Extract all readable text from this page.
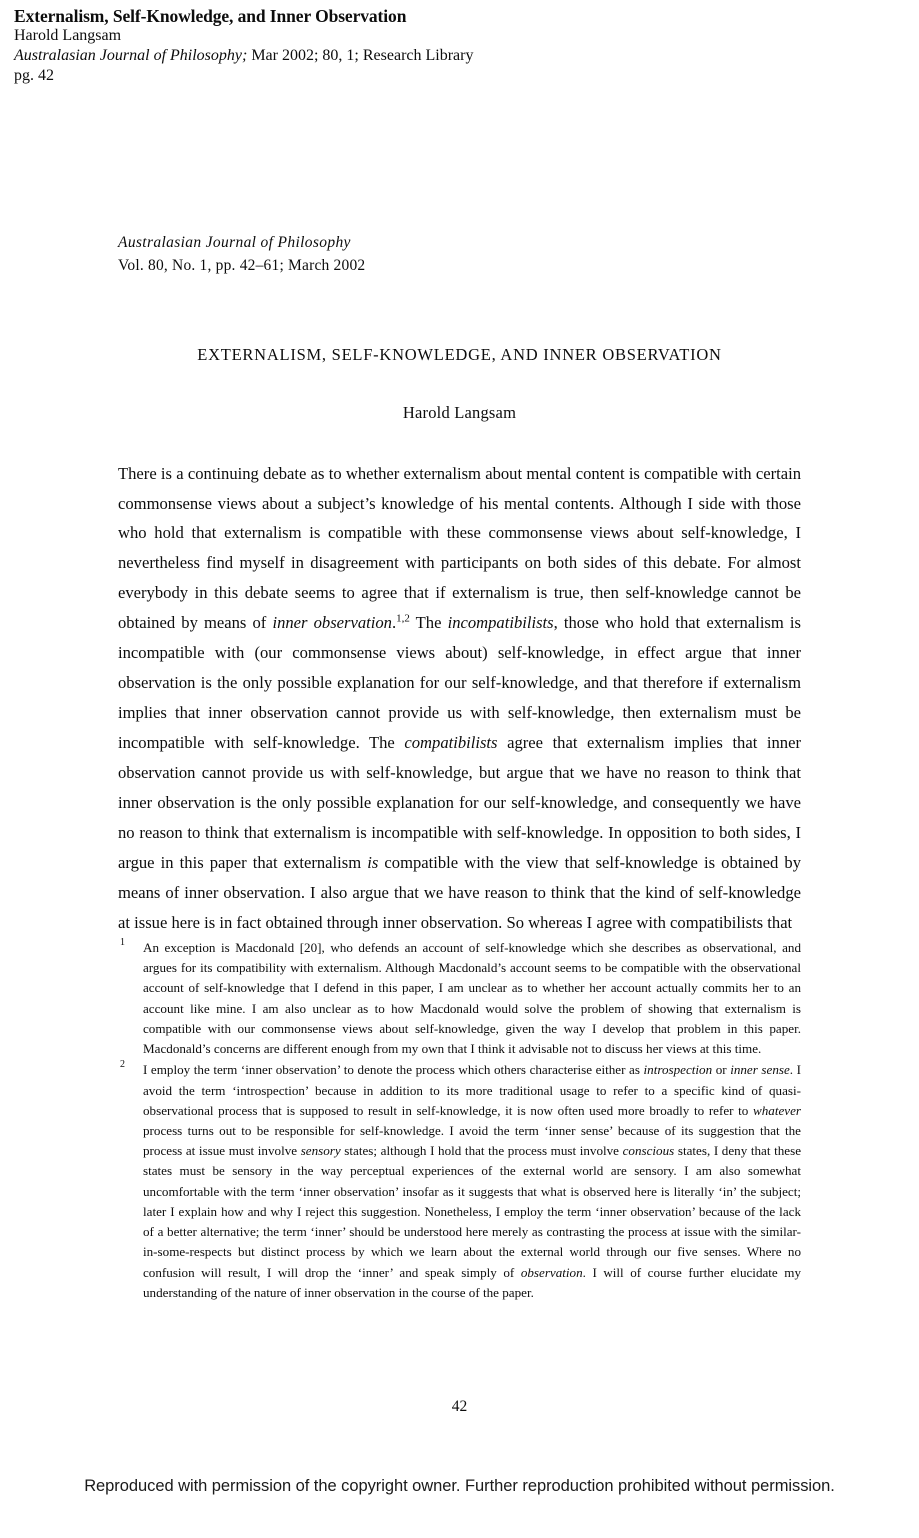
Externalism, Self-Knowledge, and Inner Observation
Harold Langsam
Australasian Journal of Philosophy; Mar 2002; 80, 1; Research Library
pg. 42
Australasian Journal of Philosophy
Vol. 80, No. 1, pp. 42–61; March 2002
EXTERNALISM, SELF-KNOWLEDGE, AND INNER OBSERVATION
Harold Langsam
There is a continuing debate as to whether externalism about mental content is compatible with certain commonsense views about a subject’s knowledge of his mental contents. Although I side with those who hold that externalism is compatible with these commonsense views about self-knowledge, I nevertheless find myself in disagreement with participants on both sides of this debate. For almost everybody in this debate seems to agree that if externalism is true, then self-knowledge cannot be obtained by means of inner observation.$^{1,2}$ The incompatibilists, those who hold that externalism is incompatible with (our commonsense views about) self-knowledge, in effect argue that inner observation is the only possible explanation for our self-knowledge, and that therefore if externalism implies that inner observation cannot provide us with self-knowledge, then externalism must be incompatible with self-knowledge. The compatibilists agree that externalism implies that inner observation cannot provide us with self-knowledge, but argue that we have no reason to think that inner observation is the only possible explanation for our self-knowledge, and consequently we have no reason to think that externalism is incompatible with self-knowledge. In opposition to both sides, I argue in this paper that externalism is compatible with the view that self-knowledge is obtained by means of inner observation. I also argue that we have reason to think that the kind of self-knowledge at issue here is in fact obtained through inner observation. So whereas I agree with compatibilists that
1 An exception is Macdonald [20], who defends an account of self-knowledge which she describes as observational, and argues for its compatibility with externalism. Although Macdonald’s account seems to be compatible with the observational account of self-knowledge that I defend in this paper, I am unclear as to whether her account actually commits her to an account like mine. I am also unclear as to how Macdonald would solve the problem of showing that externalism is compatible with our commonsense views about self-knowledge, given the way I develop that problem in this paper. Macdonald’s concerns are different enough from my own that I think it advisable not to discuss her views at this time.
2 I employ the term ‘inner observation’ to denote the process which others characterise either as introspection or inner sense. I avoid the term ‘introspection’ because in addition to its more traditional usage to refer to a specific kind of quasi-observational process that is supposed to result in self-knowledge, it is now often used more broadly to refer to whatever process turns out to be responsible for self-knowledge. I avoid the term ‘inner sense’ because of its suggestion that the process at issue must involve sensory states; although I hold that the process must involve conscious states, I deny that these states must be sensory in the way perceptual experiences of the external world are sensory. I am also somewhat uncomfortable with the term ‘inner observation’ insofar as it suggests that what is observed here is literally ‘in’ the subject; later I explain how and why I reject this suggestion. Nonetheless, I employ the term ‘inner observation’ because of the lack of a better alternative; the term ‘inner’ should be understood here merely as contrasting the process at issue with the similar-in-some-respects but distinct process by which we learn about the external world through our five senses. Where no confusion will result, I will drop the ‘inner’ and speak simply of observation. I will of course further elucidate my understanding of the nature of inner observation in the course of the paper.
42
Reproduced with permission of the copyright owner. Further reproduction prohibited without permission.
